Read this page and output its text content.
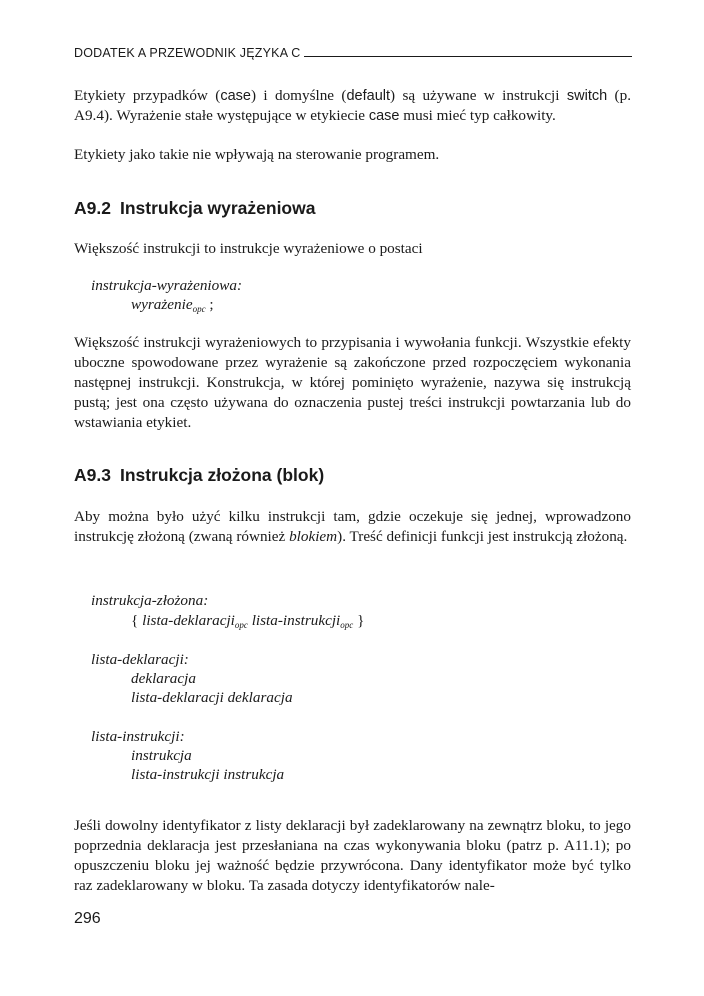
DODATEK A PRZEWODNIK JĘZYKA C

Etykiety przypadków (case) i domyślne (default) są używane w instrukcji switch (p. A9.4). Wyrażenie stałe występujące w etykiecie case musi mieć typ całkowity.

Etykiety jako takie nie wpływają na sterowanie programem.

A9.2 Instrukcja wyrażeniowa

Większość instrukcji to instrukcje wyrażeniowe o postaci

instrukcja-wyrażeniowa:
wyrażenie$_{opc}$ ;

Większość instrukcji wyrażeniowych to przypisania i wywołania funkcji. Wszystkie efekty uboczne spowodowane przez wyrażenie są zakończone przed rozpoczęciem wykonania następnej instrukcji. Konstrukcja, w której pominięto wyrażenie, nazywa się instrukcją pustą; jest ona często używana do oznaczenia pustej treści instrukcji powtarzania lub do wstawiania etykiet.

A9.3 Instrukcja złożona (blok)

Aby można było użyć kilku instrukcji tam, gdzie oczekuje się jednej, wprowadzono instrukcję złożoną (zwaną również blokiem). Treść definicji funkcji jest instrukcją złożoną.

instrukcja-złożona:
{ lista-deklaracji$_{opc}$ lista-instrukcji$_{opc}$ }
lista-deklaracji:
deklaracja
lista-deklaracji deklaracja
lista-instrukcji:
instrukcja
lista-instrukcji instrukcja

Jeśli dowolny identyfikator z listy deklaracji był zadeklarowany na zewnątrz bloku, to jego poprzednia deklaracja jest przesłaniana na czas wykonywania bloku (patrz p. A11.1); po opuszczeniu bloku jej ważność będzie przywrócona. Dany identyfikator może być tylko raz zadeklarowany w bloku. Ta zasada dotyczy identyfikatorów nale-

296
